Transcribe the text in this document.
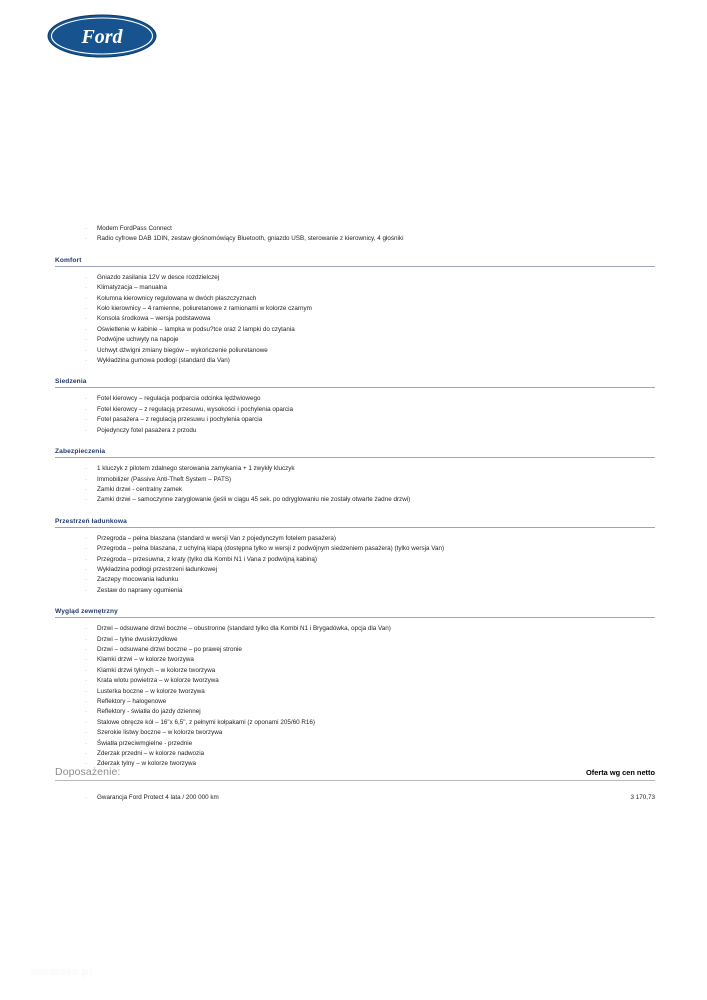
Ford
· Modem FordPass Connect
· Radio cyfrowe DAB 1DIN, zestaw głośnomówiący Bluetooth, gniazdo USB, sterowanie z kierownicy, 4 głośniki
Komfort
· Gniazdo zasilania 12V w desce rozdzielczej
· Klimatyzacja – manualna
· Kolumna kierownicy regulowana w dwóch płaszczyznach
· Koło kierownicy – 4 ramienne, poliuretanowe z ramionami w kolorze czarnym
· Konsola środkowa – wersja podstawowa
· Oświetlenie w kabinie – lampka w podsu?tce oraz 2 lampki do czytania
· Podwójne uchwyty na napoje
· Uchwyt dźwigni zmiany biegów – wykończenie poliuretanowe
· Wykładzina gumowa podłogi (standard dla Van)
Siedzenia
· Fotel kierowcy – regulacja podparcia odcinka lędźwiowego
· Fotel kierowcy – z regulacją przesuwu, wysokości i pochylenia oparcia
· Fotel pasażera – z regulacją przesuwu i pochylenia oparcia
· Pojedynczy fotel pasażera z przodu
Zabezpieczenia
· 1 kluczyk z pilotem zdalnego sterowania zamykania + 1 zwykły kluczyk
· Immobilizer (Passive Anti-Theft System – PATS)
· Zamki drzwi - centralny zamek
· Zamki drzwi – samoczynne zaryglowanie (jeśli w ciągu 45 sek. po odryglowaniu nie zostały otwarte żadne drzwi)
Przestrzeń ładunkowa
· Przegroda – pełna blaszana (standard w wersji Van z pojedynczym fotelem pasażera)
· Przegroda – pełna blaszana, z uchylną klapą (dostępna tylko w wersji z podwójnym siedzeniem pasażera) (tylko wersja Van)
· Przegroda – przesuwna, z kraty (tylko dla Kombi N1 i Vana z podwójną kabiną)
· Wykładzina podłogi przestrzeni ładunkowej
· Zaczepy mocowania ładunku
· Zestaw do naprawy ogumienia
Wygląd zewnętrzny
· Drzwi – odsuwane drzwi boczne – obustronne (standard tylko dla Kombi N1 i Brygadówka, opcja dla Van)
· Drzwi – tylne dwuskrzydłowe
· Drzwi – odsuwane drzwi boczne – po prawej stronie
· Klamki drzwi – w kolorze tworzywa
· Klamki drzwi tylnych – w kolorze tworzywa
· Krata wlotu powietrza – w kolorze tworzywa
· Lusterka boczne – w kolorze tworzywa
· Reflektory – halogenowe
· Reflektory - światła do jazdy dziennej
· Stalowe obręcze kół – 16"x 6,5", z pełnymi kołpakami (z oponami 205/60 R16)
· Szerokie listwy boczne – w kolorze tworzywa
· Światła przeciwmgielne - przednie
· Zderzak przedni – w kolorze nadwozia
· Zderzak tylny – w kolorze tworzywa
Doposażenie:	Oferta wg cen netto
· Gwarancja Ford Protect 4 lata / 200 000 km	3 170,73
otomoto.pl
